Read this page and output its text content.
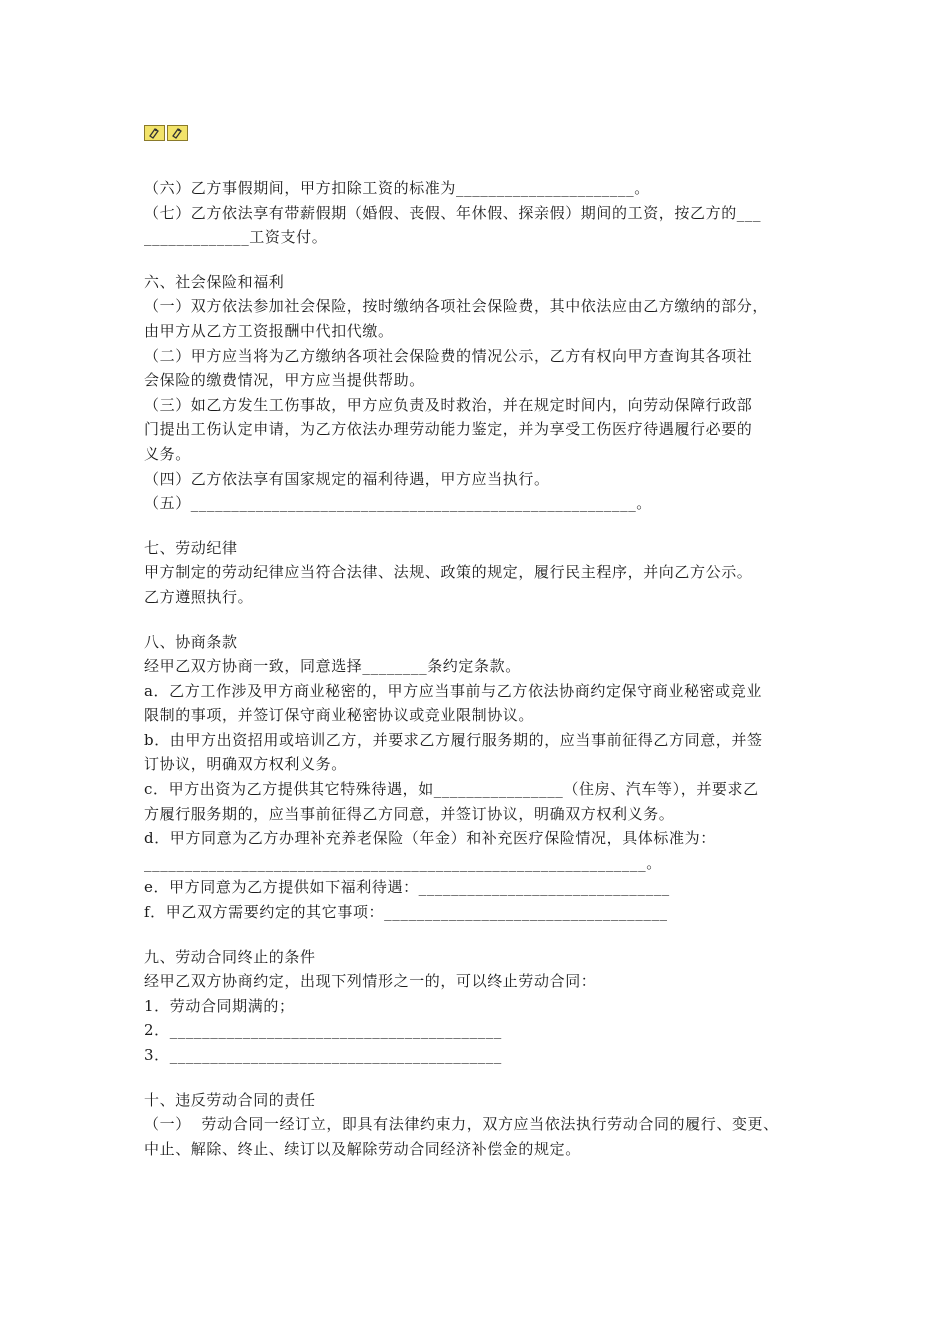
（六）乙方事假期间，甲方扣除工资的标准为______________________。
（七）乙方依法享有带薪假期（婚假、丧假、年休假、探亲假）期间的工资，按乙方的___
_____________工资支付。
六、社会保险和福利
（一）双方依法参加社会保险，按时缴纳各项社会保险费，其中依法应由乙方缴纳的部分，
由甲方从乙方工资报酬中代扣代缴。
（二）甲方应当将为乙方缴纳各项社会保险费的情况公示，乙方有权向甲方查询其各项社
会保险的缴费情况，甲方应当提供帮助。
（三）如乙方发生工伤事故，甲方应负责及时救治，并在规定时间内，向劳动保障行政部
门提出工伤认定申请，为乙方依法办理劳动能力鉴定，并为享受工伤医疗待遇履行必要的
义务。
（四）乙方依法享有国家规定的福利待遇，甲方应当执行。
（五）_______________________________________________________。
七、劳动纪律
甲方制定的劳动纪律应当符合法律、法规、政策的规定，履行民主程序，并向乙方公示。
乙方遵照执行。
八、协商条款
经甲乙双方协商一致，同意选择________条约定条款。
a．乙方工作涉及甲方商业秘密的，甲方应当事前与乙方依法协商约定保守商业秘密或竞业
限制的事项，并签订保守商业秘密协议或竞业限制协议。
b．由甲方出资招用或培训乙方，并要求乙方履行服务期的，应当事前征得乙方同意，并签
订协议，明确双方权利义务。
c．甲方出资为乙方提供其它特殊待遇，如________________（住房、汽车等），并要求乙
方履行服务期的，应当事前征得乙方同意，并签订协议，明确双方权利义务。
d．甲方同意为乙方办理补充养老保险（年金）和补充医疗保险情况，具体标准为：
______________________________________________________________。
e．甲方同意为乙方提供如下福利待遇：_______________________________
f．甲乙双方需要约定的其它事项：___________________________________
九、劳动合同终止的条件
经甲乙双方协商约定，出现下列情形之一的，可以终止劳动合同：
1．劳动合同期满的；
2．_________________________________________
3．_________________________________________
十、违反劳动合同的责任
（一）  劳动合同一经订立，即具有法律约束力，双方应当依法执行劳动合同的履行、变更、
中止、解除、终止、续订以及解除劳动合同经济补偿金的规定。
